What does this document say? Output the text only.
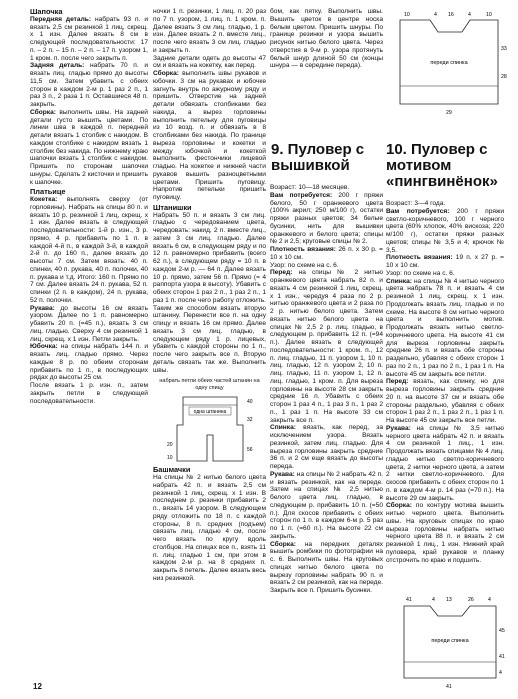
Шапочка

Передняя деталь: набрать 93 п. и вязать 2,5 см резинкой 1 лиц, скрещ. х 1 изн. Далее вязать 8 см в следующей последовательности: 17 п. – 2 п. – 15 п. – 2 п. – 17 п. узором 1, 1 кром. п. после чего закрыть п.

Задняя деталь: набрать 70 п. и вязать лиц. гладью прямо до высоты 11,5 см. Затем убавить с обеих сторон в каждом 2-м р. 1 раз 2 п., 1 раз 3 п., 2 раза 1 п. Оставшиеся 48 п. закрыть.

Сборка: выполнить швы. На задней детали густо вышить цветами. По линии шва в каждой п. передней детали вязать 1 столбик с накидом. В каждом столбике с накидом вязать 1 столбик без накида. По нижнему краю шапочки вязать 1 столбик с накидом. Пришить по сторонам шапочки шнуры. Сделать 2 кисточки и пришить к шапочке.

Платьице

Кокетка: выполнять сверху (от горловины). Набрать на спицы 80 п. и вязать 10 р. резинкой 1 лиц, скрещ. х 1 изн. Далее вязать в следующей последовательности: 1-й р. изн., 3 р. прямо, 4 р. прибавить по 1 п. в каждой 4-й п., в каждой 3-й, в каждой 2-й п. до 160 п., далее вязать до высоты 7 см. Затем вязать: 40 п. спинки, 40 п. рукава, 40 п. полочки, 40 п. рукава и т.д. Итого: 160 п. Прямо по 7 см. Далее вязать 24 п. рукава, 52 п. спинки (2 п. в каждом), 24 п. рукава, 52 п. полочки.

Рукава: до высоты 16 см вязать узором. Далее по 1 п. равномерно убавить 20 п. (=45 п.), вязать 3 см лиц. гладью. Сверху 4 см резинкой 1 лиц, скрещ. х 1 изн. Петли закрыть.

Юбочка: на спицы набрать 144 п. и вязать лиц. гладью прямо. Через каждые 8 р. по обеим сторонам прибавить по 1 п., в последующих рядах до высоты 25 см.

После вязать 1 р. изн. п., затем закрыть петли в следующей последовательности.

ночки 1 п. резинки, 1 лиц. п. 20 раз по 7 п. узором, 1 лиц. п. 1 кром. п. Далее вязать 3 см лиц. гладью, 1 р. изн. Далее вязать 2 п. вместе лиц., после чего вязать 3 см лиц. гладью и закрыть п.

Задние детали одеть до высоты 47 см и вязать на кокетку, как перед.

Сборка: выполнить швы рукавов и юбочки. 3 см на рукавах и юбочке загнуть внутрь по ажурному ряду и пришить. Отверстие на задней детали обвязать столбиками без накида, а вырез горловины выполнить петельку для пуговицы из 10 возд. п. и обвязать в 8 столбиками без накида. По границе выреза горловины и кокетки и между юбочкой и кокеткой выполнить фестончики лицевой гладью. На кокетке и нижней части рукавов вышить разноцветными цветами. Пришить пуговицу. Напротив петельки пришить пуговицу.

Штанишки

Набрать 50 п. и вязать 3 см лиц. гладью с чередованием цвета, чередовать: накид, 2 п. вместе лиц., затем 3 см лиц. гладью. Далее вязать 6 см, в следующем ряду и по 12 п. равномерно прибавить (всего 62 п.), в следующем ряду = 10 п. в каждом 2-м р. — 64 п. Далее вязать 10 р. прямо, затем 56 п. Прямо (= 4 раппорта узора в высоту). Убавить с обеих сторон 1 раз 2 п., 1 раз 2 п., 1 раз 1 п. после чего работу отложить. Таким же способом вязать вторую штанину. Перенести все п. на одну спицу и вязать 16 см прямо. Далее вязать 3 см лиц. гладью, в следующем ряду 1 р. лицевых, убавить с каждой стороны по 1 п., после чего закрыть все п. Вторую деталь связать так же. Выполнить швы.

набрать петли обеих частей штанин на одну спицу
одна штанина
40
32
56
20
10

Башмачки

На спицы № 2 нитью белого цвета набрать 42 п. и вязать 2,5 см резинкой 1 лиц, скрещ. х 1 изн. В последнем р. резинки прибавить 2 п., вязать 14 узором. В следующем ряду отложить по 18 п. с каждой стороны, 8 п. средних (подъем) связать лиц. гладью 4 см, после чего вязать по кругу вдоль столбцов. На спицах все п., взять 11 п. лиц. гладью 1 см, при этом в каждом 2-м р. на 8 средних п. закрыть 8 петель. Далее вязать весь низ резинкой.

бом, как пятку. Выполнить швы. Вышить цветок в центре носка белым цветом. Пришить шнуры. По границе резинки и узора вышить рисунок нитью белого цвета. Через отверстия в 9-м р. узора протянуть белый шнур длиной 50 см (концы шнура — в середине переда).

10	4 16	4	10
переди спинка
33
28
29
9. Пуловер с вышивкой

Возраст: 10—18 месяцев.

Вам потребуется: 200 г пряжи белого, 50 г оранжевого цвета (100% акрил; 250 м/100 г), остатки пряжи разных цветов; 34 белые бусинки, нить для вышивки оранжевого и белого цвета; спицы № 2 и 2,5; круговые спицы № 2.

Плотность вязания: 26 п. х 30 р. = 10 х 10 см.

Узор: по схеме на с. 6.

Перед: на спицы № 2 нитью оранжевого цвета набрать 82 п. и вязать 4 см резинкой 1 лиц, скрещ. х 1 изн., чередуя 4 раза по 2 р. нитью оранжевого цвета и 2 раза по 2 р. нитью белого цвета. Затем вязать нитью белого цвета на спицах № 2,5 2 р. лиц. гладью, в следующем р. прибавить 12 п. (=94 п.). Далее вязать в следующей последовательности: 1 кром. п., 12 п. лиц. гладью, 11 п. узором 1, 10 п. лиц. гладью, 12 п. узором 2, 10 п. лиц. гладью, 11 п. узором 1, 12 п. лиц. гладью, 1 кром. п. Для выреза горловины на высоте 28 см закрыть средние 16 п. Убавить с обеих сторон 1 раз 4 п., 1 раз 3 п., 1 раз 2 п., 1 раз 1 п. На высоте 33 см закрыть все п.

Спинка: вязать, как перед, за исключением узора. Вязать резинкой, затем лиц. гладью. Для выреза горловины закрыть средние 36 п. и 2 см еще вязать до высоты переда.

Рукава: на спицы № 2 набрать 42 п. и вязать резинкой, как на переде. Затем на спицах № 2,5 нитью белого цвета лиц. гладью, в следующем р. прибавить 10 п. (=50 п.). Для скосов прибавить с обеих сторон по 1 п. в каждом 6-м р. 5 раз по 1 п. (=60 п.). На высоте 22 см закрыть.

Сборка: на передних деталях вышить ромбики по фотографии на с. 6. Выполнить швы. На круговых спицах нитью белого цвета по вырезу горловины набрать 90 п. и вязать 2 см резинкой, как на переде. Закрыть все п. Пришить бусинки.

10. Пуловер с мотивом «пингвинёнок»

Возраст: 3—4 года.

Вам потребуется: 200 г пряжи светло-коричневого, 100 г черного цвета (60% хлопок, 40% вискоза; 220 м/100 г), остатки пряжи разных цветов; спицы № 3,5 и 4; крючок № 3,5.

Плотность вязания: 19 п. х 27 р. = 10 х 10 см.

Узор: по схеме на с. 6.

Спинка: на спицы № 4 нитью черного цвета набрать 78 п. и вязать 4 см резинкой 1 лиц, скрещ. х 1 изн. Продолжать вязать лиц. гладью и по схеме. На высоте 8 см нитью черного цвета и выполнить мотив. Продолжать вязать нитью светло-коричневого цвета. На высоте 41 см для выреза горловины закрыть средние 26 п. и вязать обе стороны раздельно, убавляя с обеих сторон 1 раз по 2 п., 1 раз по 2 п., 1 раз 1 п. На высоте 45 см закрыть все петли.

Перед: вязать, как спинку, но для выреза горловины закрыть средние 20 п. на высоте 37 см и вязать обе стороны раздельно, убавляя с обеих сторон 1 раз 2 п., 1 раз 2 п., 1 раз 1 п. На высоте 45 см закрыть все петли.

Рукава: на спицы № 3,5 нитью черного цвета набрать 42 п. и вязать 4 см резинкой 1 лиц., 1 изн. Продолжать вязать спицами № 4 лиц. гладью нитью светло-коричневого цвета, 2 нитки черного цвета, а затем 2 нитки светло-коричневого. Для скосов прибавить с обеих сторон по 1 п. в каждом 4-м р. 14 раз (=70 п.). На высоте 29 см закрыть.

Сборка: по контуру мотива вышить нитью черного цвета. Выполнить швы. На круговых спицах по краю выреза горловины набрать нитью черного цвета 88 п. и вязать 2 см резинкой 1 лиц., 1 изн. Нижний край пуловера, край рукавов и планку отстрочить по краю и подшить.

41	4 13	26	4
переди спинка
45
41
4
41
12
